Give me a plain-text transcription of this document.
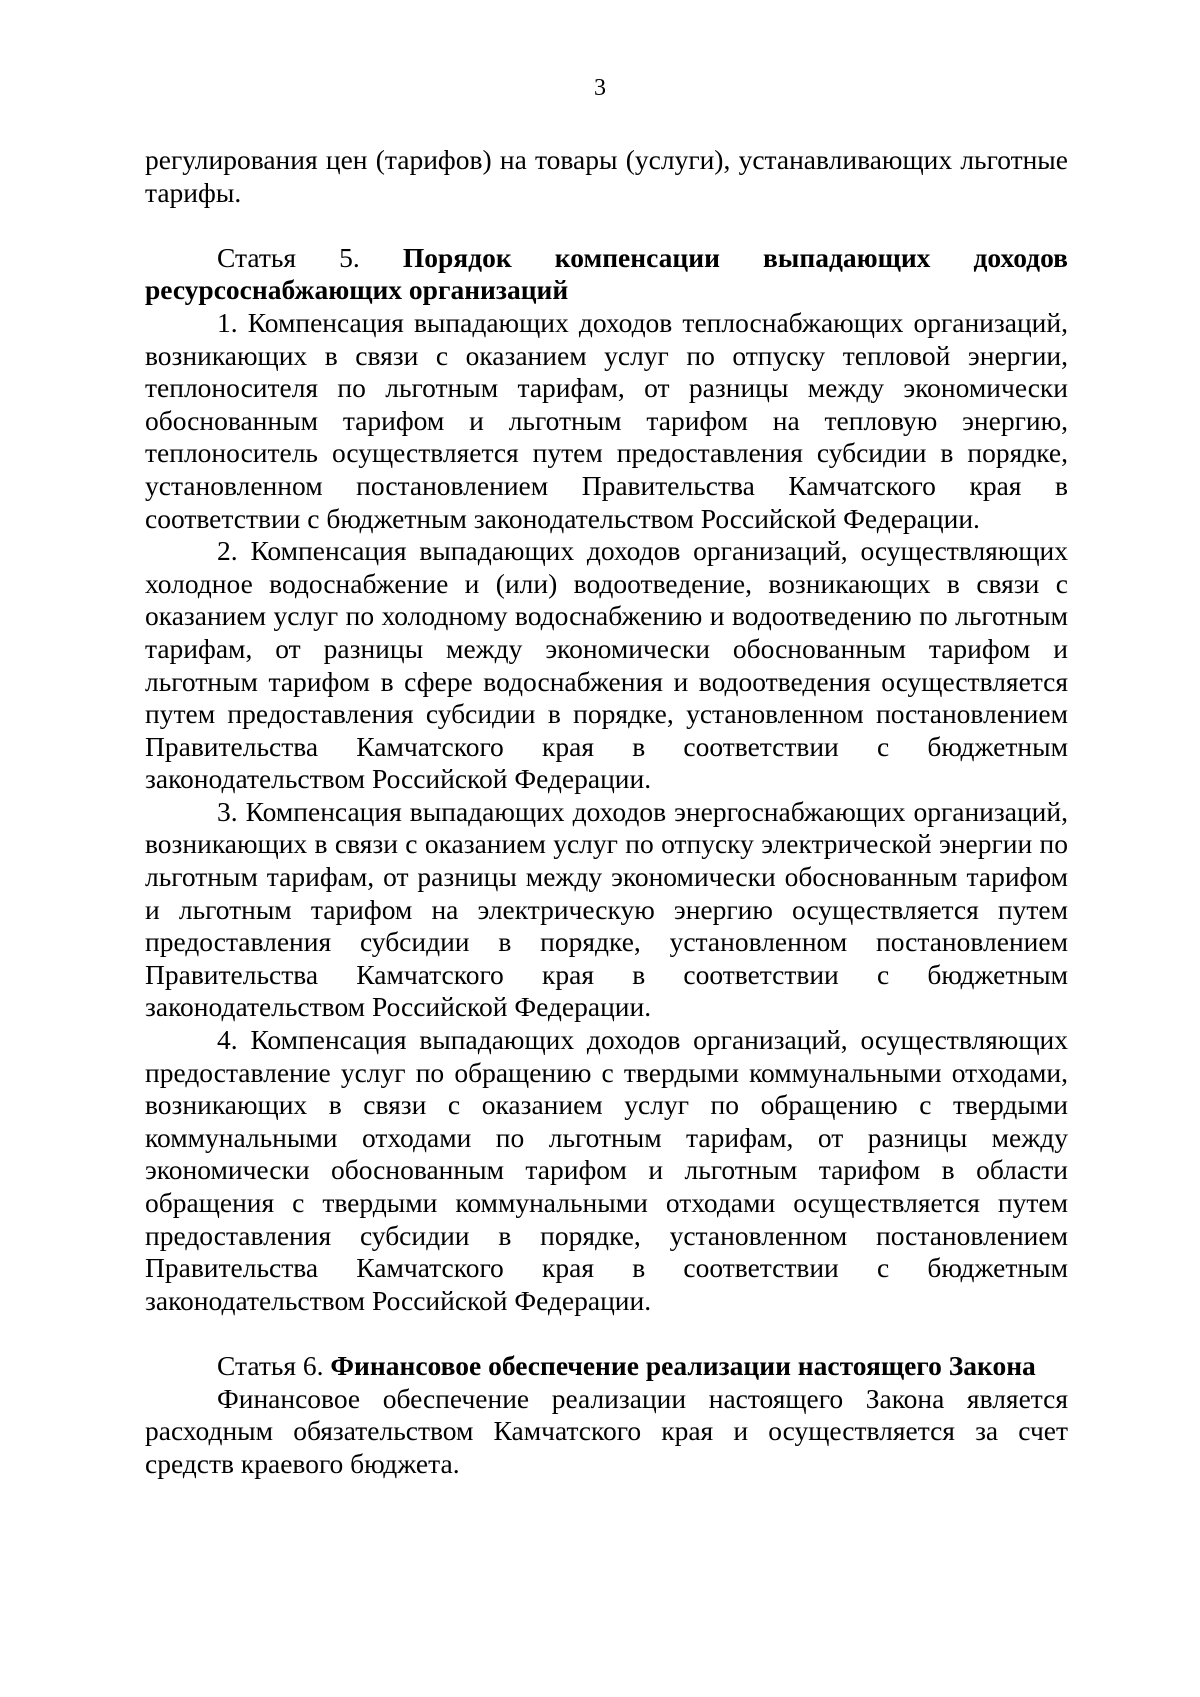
3

регулирования цен (тарифов) на товары (услуги), устанавливающих льготные тарифы.

Статья 5. Порядок компенсации выпадающих доходов ресурсоснабжающих организаций

1. Компенсация выпадающих доходов теплоснабжающих организаций, возникающих в связи с оказанием услуг по отпуску тепловой энергии, теплоносителя по льготным тарифам, от разницы между экономически обоснованным тарифом и льготным тарифом на тепловую энергию, теплоноситель осуществляется путем предоставления субсидии в порядке, установленном постановлением Правительства Камчатского края в соответствии с бюджетным законодательством Российской Федерации.

2. Компенсация выпадающих доходов организаций, осуществляющих холодное водоснабжение и (или) водоотведение, возникающих в связи с оказанием услуг по холодному водоснабжению и водоотведению по льготным тарифам, от разницы между экономически обоснованным тарифом и льготным тарифом в сфере водоснабжения и водоотведения осуществляется путем предоставления субсидии в порядке, установленном постановлением Правительства Камчатского края в соответствии с бюджетным законодательством Российской Федерации.

3. Компенсация выпадающих доходов энергоснабжающих организаций, возникающих в связи с оказанием услуг по отпуску электрической энергии по льготным тарифам, от разницы между экономически обоснованным тарифом и льготным тарифом на электрическую энергию осуществляется путем предоставления субсидии в порядке, установленном постановлением Правительства Камчатского края в соответствии с бюджетным законодательством Российской Федерации.

4. Компенсация выпадающих доходов организаций, осуществляющих предоставление услуг по обращению с твердыми коммунальными отходами, возникающих в связи с оказанием услуг по обращению с твердыми коммунальными отходами по льготным тарифам, от разницы между экономически обоснованным тарифом и льготным тарифом в области обращения с твердыми коммунальными отходами осуществляется путем предоставления субсидии в порядке, установленном постановлением Правительства Камчатского края в соответствии с бюджетным законодательством Российской Федерации.

Статья 6. Финансовое обеспечение реализации настоящего Закона

Финансовое обеспечение реализации настоящего Закона является расходным обязательством Камчатского края и осуществляется за счет средств краевого бюджета.
